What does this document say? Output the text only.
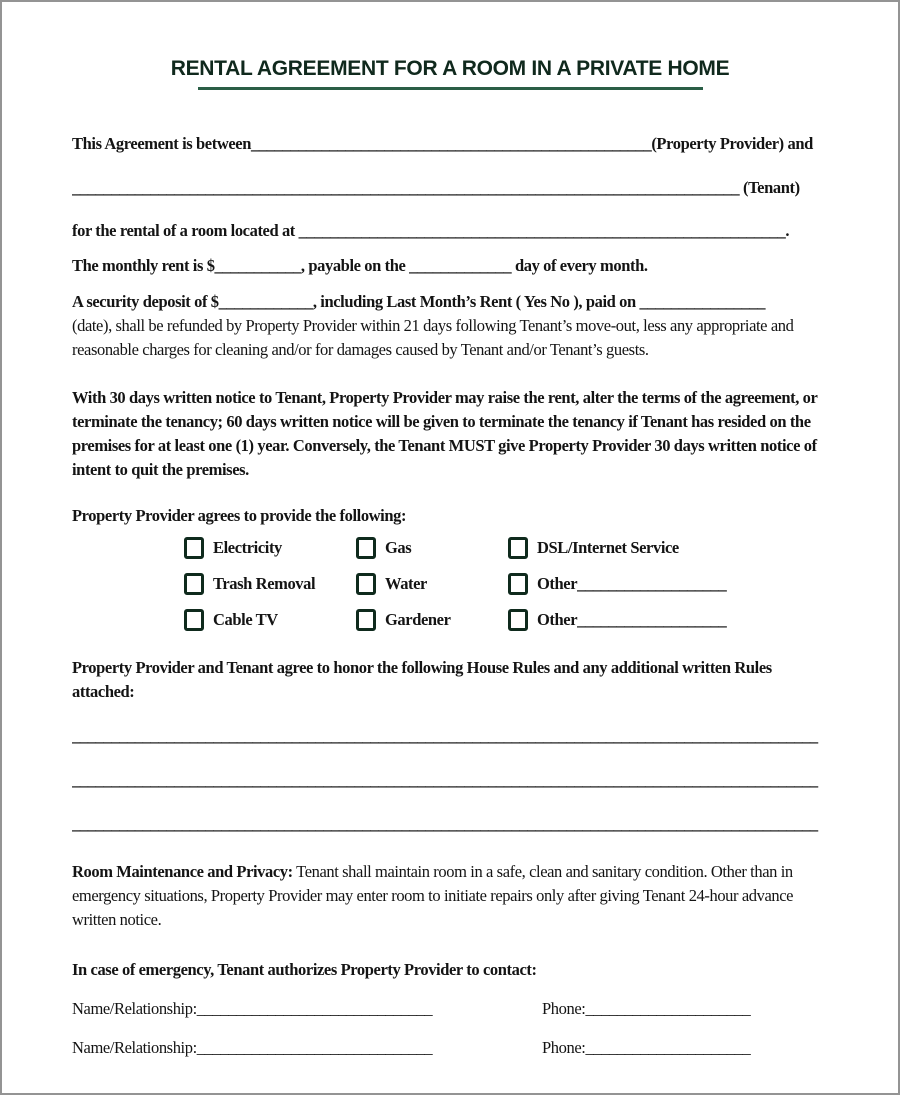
RENTAL AGREEMENT FOR A ROOM IN A PRIVATE HOME
This Agreement is between___________________________________________________(Property Provider) and
_____________________________________________________________________________________ (Tenant)
for the rental of a room located at ______________________________________________________________.
The monthly rent is $___________, payable on the _____________ day of every month.
A security deposit of $____________, including Last Month’s Rent ( Yes No ), paid on ________________
(date), shall be refunded by Property Provider within 21 days following Tenant’s move-out, less any appropriate and reasonable charges for cleaning and/or for damages caused by Tenant and/or Tenant’s guests.
With 30 days written notice to Tenant, Property Provider may raise the rent, alter the terms of the agreement, or terminate the tenancy; 60 days written notice will be given to terminate the tenancy if Tenant has resided on the premises for at least one (1) year. Conversely, the Tenant MUST give Property Provider 30 days written notice of intent to quit the premises.
Property Provider agrees to provide the following:
Electricity	Gas	DSL/Internet Service
Trash Removal	Water	Other ___________________
Cable TV	Gardener	Other ___________________
Property Provider and Tenant agree to honor the following House Rules and any additional written Rules attached:
_______________________________________________________________________________________________
_______________________________________________________________________________________________
_______________________________________________________________________________________________
Room Maintenance and Privacy: Tenant shall maintain room in a safe, clean and sanitary condition. Other than in emergency situations, Property Provider may enter room to initiate repairs only after giving Tenant 24-hour advance written notice.
In case of emergency, Tenant authorizes Property Provider to contact:
Name/Relationship:______________________________	Phone:_____________________
Name/Relationship:______________________________	Phone:_____________________
